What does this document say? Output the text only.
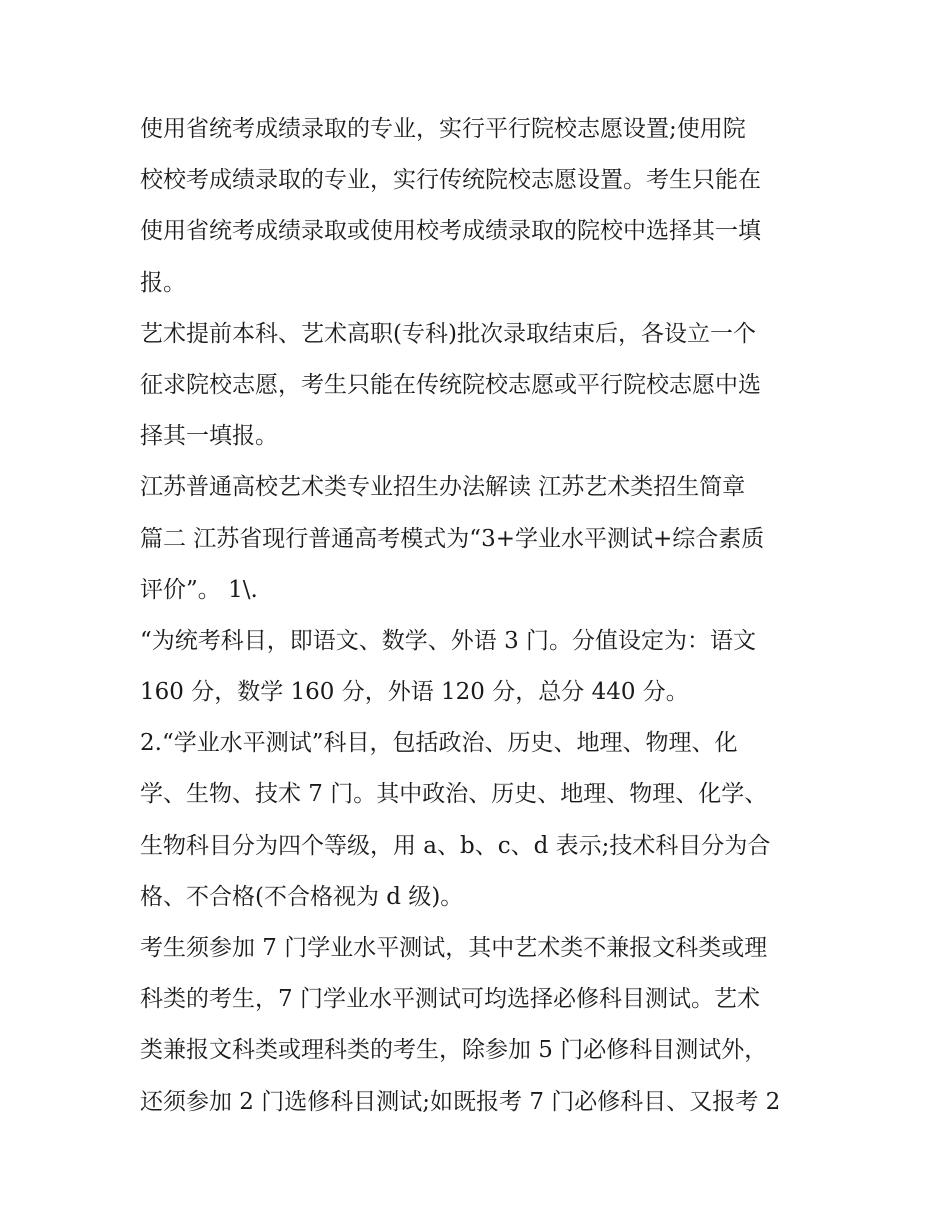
使用省统考成绩录取的专业，实行平行院校志愿设置;使用院
校校考成绩录取的专业，实行传统院校志愿设置。考生只能在
使用省统考成绩录取或使用校考成绩录取的院校中选择其一填
报。
艺术提前本科、艺术高职(专科)批次录取结束后，各设立一个
征求院校志愿，考生只能在传统院校志愿或平行院校志愿中选
择其一填报。
江苏普通高校艺术类专业招生办法解读 江苏艺术类招生简章
篇二 江苏省现行普通高考模式为“3+学业水平测试+综合素质
评价”。 1\.
“为统考科目，即语文、数学、外语 3 门。分值设定为：语文
160 分，数学 160 分，外语 120 分，总分 440 分。
2.“学业水平测试”科目，包括政治、历史、地理、物理、化
学、生物、技术 7 门。其中政治、历史、地理、物理、化学、
生物科目分为四个等级，用 a、b、c、d 表示;技术科目分为合
格、不合格(不合格视为 d 级)。
考生须参加 7 门学业水平测试，其中艺术类不兼报文科类或理
科类的考生，7 门学业水平测试可均选择必修科目测试。艺术
类兼报文科类或理科类的考生，除参加 5 门必修科目测试外，
还须参加 2 门选修科目测试;如既报考 7 门必修科目、又报考 2
